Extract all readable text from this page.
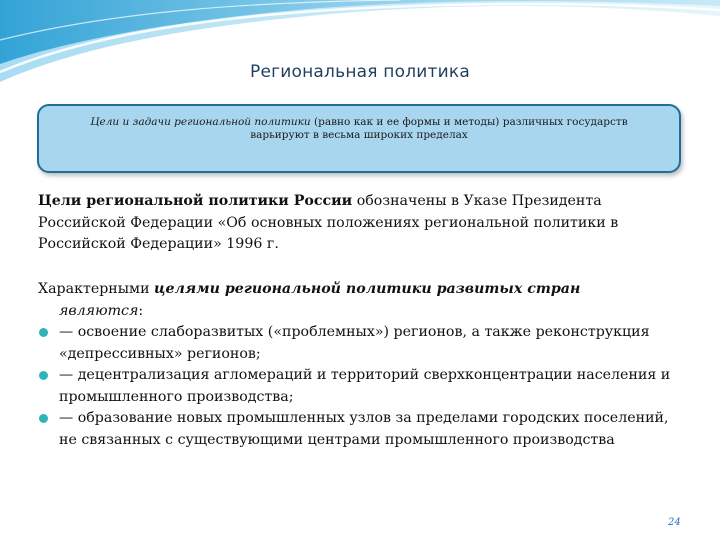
Региональная политика
Цели и задачи региональной политики (равно как и ее формы и методы) различных государств
варьируют в весьма широких пределах
Цели региональной политики России обозначены в Указе Президента Российской Федерации «Об основных положениях региональной политики в Российской Федерации» 1996 г.
Характерными целями региональной политики развитых стран
являются:
— освоение слаборазвитых («проблемных») регионов, а также реконструкция «депрессивных» регионов;
— децентрализация агломераций и территорий сверхконцентрации населения и промышленного производства;
— образование новых промышленных узлов за пределами городских поселений, не связанных с существующими центрами промышленного производства
24
